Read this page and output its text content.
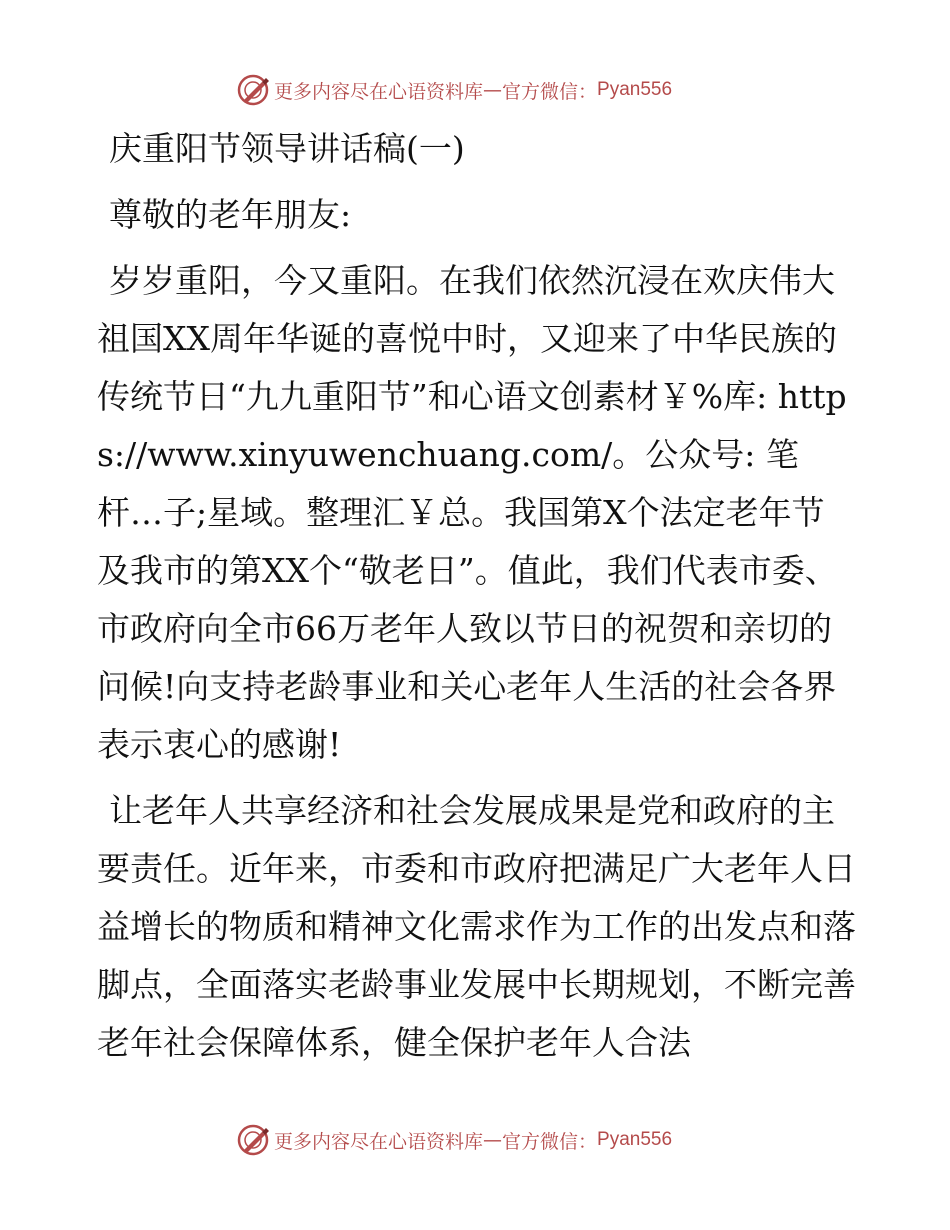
更多内容尽在心语资料库 — 官方微信： Pyan556

庆重阳节领导讲话稿(一)

尊敬的老年朋友:

岁岁重阳，今又重阳。在我们依然沉浸在欢庆伟大祖国XX周年华诞的喜悦中时，又迎来了中华民族的传统节日“九九重阳节”和心语文创素材￥%库: https://www.xinyuwenchuang.com/。公众号: 笔杆…子;星域。整理汇￥总。我国第X个法定老年节及我市的第XX个“敬老日”。值此，我们代表市委、市政府向全市66万老年人致以节日的祝贺和亲切的问候!向支持老龄事业和关心老年人生活的社会各界表示衷心的感谢!

让老年人共享经济和社会发展成果是党和政府的主要责任。近年来，市委和市政府把满足广大老年人日益增长的物质和精神文化需求作为工作的出发点和落脚点，全面落实老龄事业发展中长期规划，不断完善老年社会保障体系，健全保护老年人合法

更多内容尽在心语资料库 — 官方微信： Pyan556
